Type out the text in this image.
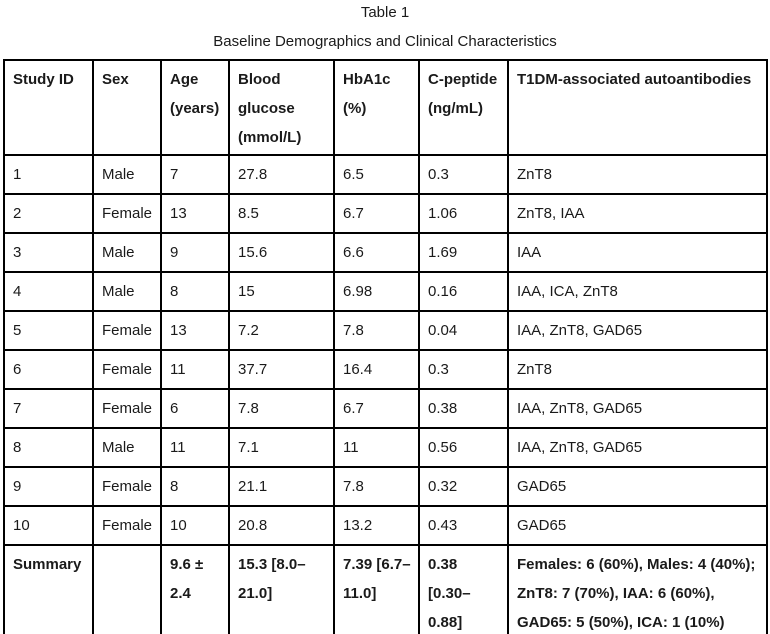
Table 1

Baseline Demographics and Clinical Characteristics

Study ID	Sex	Age (years)	Blood glucose (mmol/L)	HbA1c (%)	C-peptide (ng/mL)	T1DM-associated autoantibodies
1	Male	7	27.8	6.5	0.3	ZnT8
2	Female	13	8.5	6.7	1.06	ZnT8, IAA
3	Male	9	15.6	6.6	1.69	IAA
4	Male	8	15	6.98	0.16	IAA, ICA, ZnT8
5	Female	13	7.2	7.8	0.04	IAA, ZnT8, GAD65
6	Female	11	37.7	16.4	0.3	ZnT8
7	Female	6	7.8	6.7	0.38	IAA, ZnT8, GAD65
8	Male	11	7.1	11	0.56	IAA, ZnT8, GAD65
9	Female	8	21.1	7.8	0.32	GAD65
10	Female	10	20.8	13.2	0.43	GAD65
Summary		9.6 ± 2.4	15.3 [8.0–21.0]	7.39 [6.7–11.0]	0.38 [0.30–0.88]	Females: 6 (60%), Males: 4 (40%); ZnT8: 7 (70%), IAA: 6 (60%), GAD65: 5 (50%), ICA: 1 (10%)
